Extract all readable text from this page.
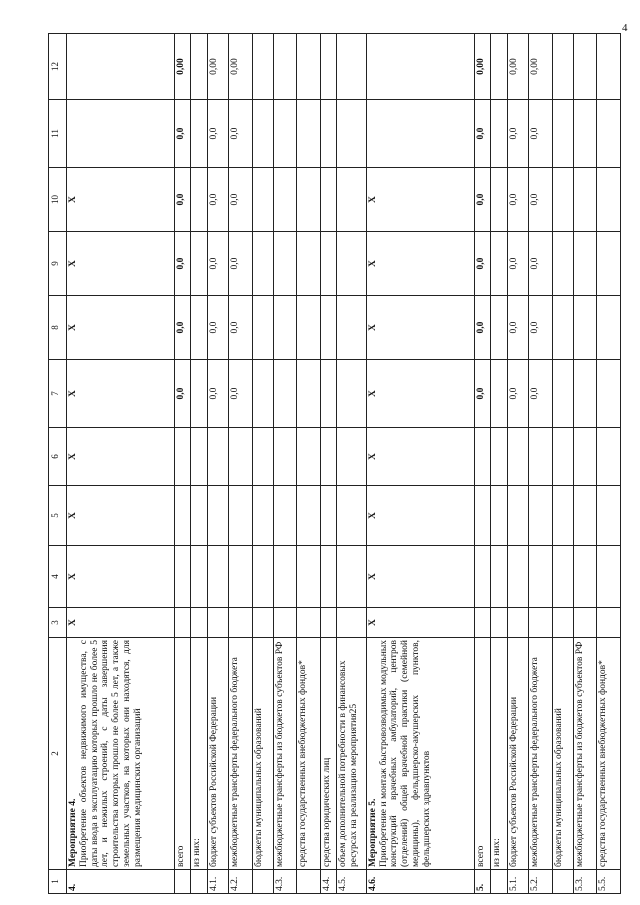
4
1	2	3	4	5	6	7	8	9	10	11	12
4.	Мероприятие 4. Приобретение объектов недвижимого имущества, с даты ввода в эксплуатацию которых прошло не более 5 лет, и нежилых строений, с даты завершения строительства которых прошло не более 5 лет, а также земельных участков, на которых они находятся, для размещения медицинских организаций	X	X	X	X	X	X	X	X		
	всего					0,0	0,0	0,0	0,0	0,0	0,00
	из них:										
4.1.	бюджет субъектов Российской Федерации					0,0	0,0	0,0	0,0	0,0	0,00
4.2.	межбюджетные трансферты федерального бюджета					0,0	0,0	0,0	0,0	0,0	0,00
	бюджеты муниципальных образований										
4.3.	межбюджетные трансферты из бюджетов субъектов РФ										
	средства государственных внебюджетных фондов*										
4.4.	средства юридических лиц										
4.5.	объем дополнительной потребности в финансовых ресурсах на реализацию мероприятия25										
4.6.	Мероприятие 5. Приобретение и монтаж быстровозводимых модульных конструкций врачебных амбулаторий, центров (отделений) общей врачебной практики (семейной медицины), фельдшерско-акушерских пунктов, фельдшерских здравпунктов	X	X	X	X	X	X	X	X		
5.	всего					0,0	0,0	0,0	0,0	0,0	0,00
	из них:										
5.1.	бюджет субъектов Российской Федерации					0,0	0,0	0,0	0,0	0,0	0,00
5.2.	межбюджетные трансферты федерального бюджета					0,0	0,0	0,0	0,0	0,0	0,00
	бюджеты муниципальных образований										
5.3.	межбюджетные трансферты из бюджетов субъектов РФ										
5.5.	средства государственных внебюджетных фондов*										
